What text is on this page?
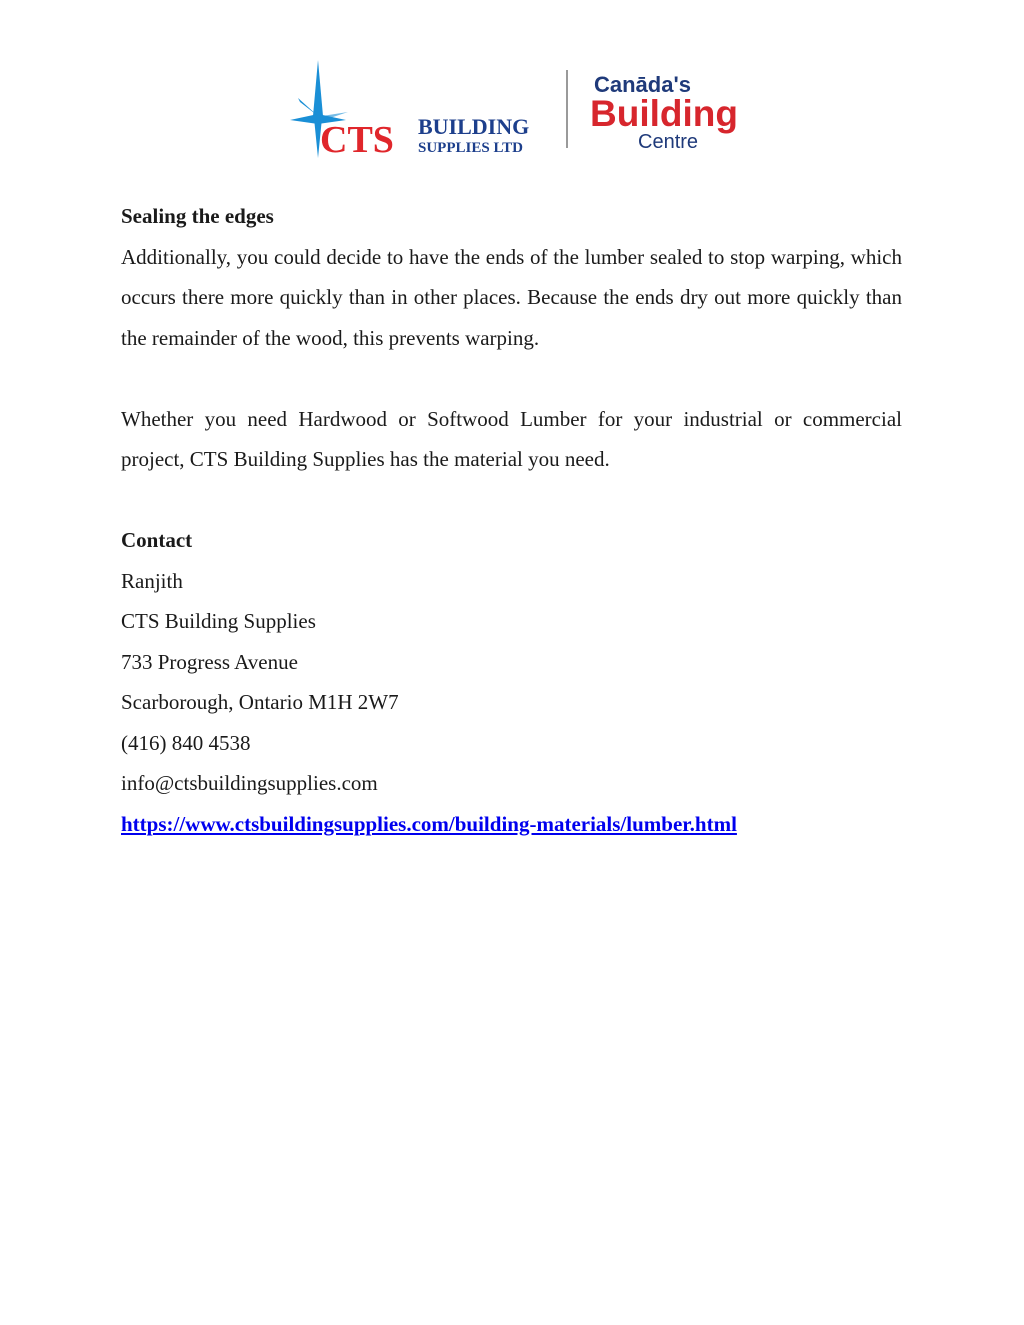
CTS BUILDING
SUPPLIES LTD
Canāda's
Building
Centre

Sealing the edges

Additionally, you could decide to have the ends of the lumber sealed to stop warping, which occurs there more quickly than in other places. Because the ends dry out more quickly than the remainder of the wood, this prevents warping.

Whether you need Hardwood or Softwood Lumber for your industrial or commercial project, CTS Building Supplies has the material you need.

Contact

Ranjith

CTS Building Supplies

733 Progress Avenue

Scarborough, Ontario M1H 2W7

(416) 840 4538

info@ctsbuildingsupplies.com

https://www.ctsbuildingsupplies.com/building-materials/lumber.html
